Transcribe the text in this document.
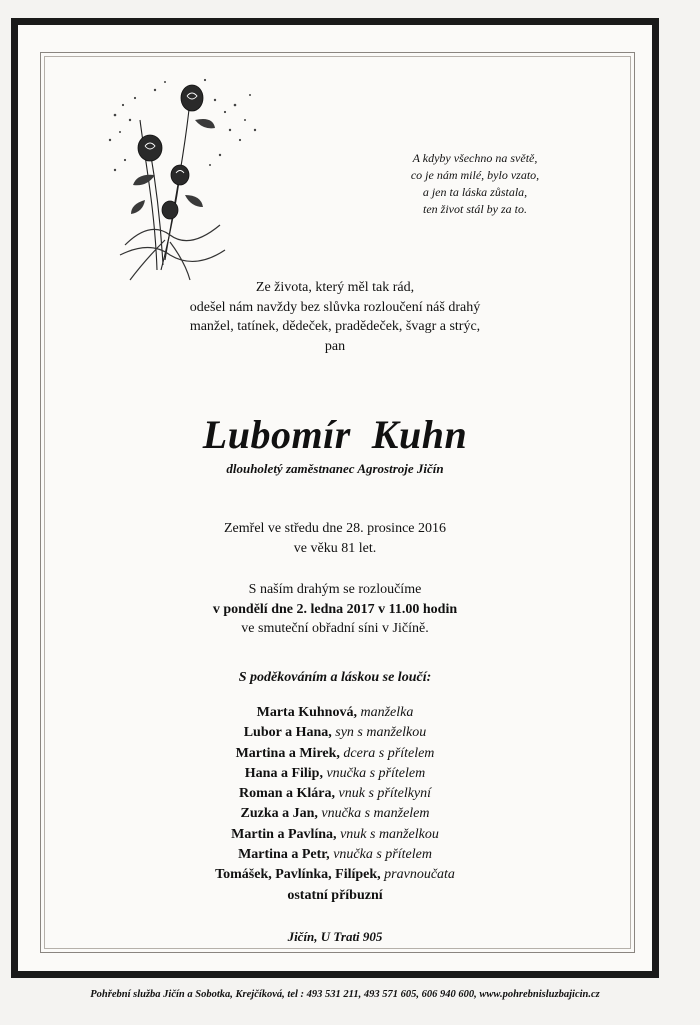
A kdyby všechno na světě,
co je nám milé, bylo vzato,
a jen ta láska zůstala,
ten život stál by za to.
Ze života, který měl tak rád,
odešel nám navždy bez slůvka rozloučení náš drahý
manžel, tatínek, dědeček, pradědeček, švagr a strýc,
pan
Lubomír  Kuhn
dlouholetý zaměstnanec Agrostroje Jičín
Zemřel ve středu dne 28. prosince 2016
ve věku 81 let.
S naším drahým se rozloučíme
v pondělí dne 2. ledna 2017 v 11.00 hodin
ve smuteční obřadní síni v Jičíně.
S poděkováním a láskou se loučí:
Marta Kuhnová, manželka
Lubor a Hana, syn s manželkou
Martina a Mirek, dcera s přítelem
Hana a Filip, vnučka s přítelem
Roman a Klára, vnuk s přítelkyní
Zuzka a Jan, vnučka s manželem
Martin a Pavlína, vnuk s manželkou
Martina a Petr, vnučka s přítelem
Tomášek, Pavlínka, Filípek, pravnoučata
ostatní příbuzní
Jičín, U Trati 905
Pohřební služba Jičín a Sobotka, Krejčíková, tel : 493 531 211, 493 571 605, 606 940 600, www.pohrebnisluzbajicin.cz
